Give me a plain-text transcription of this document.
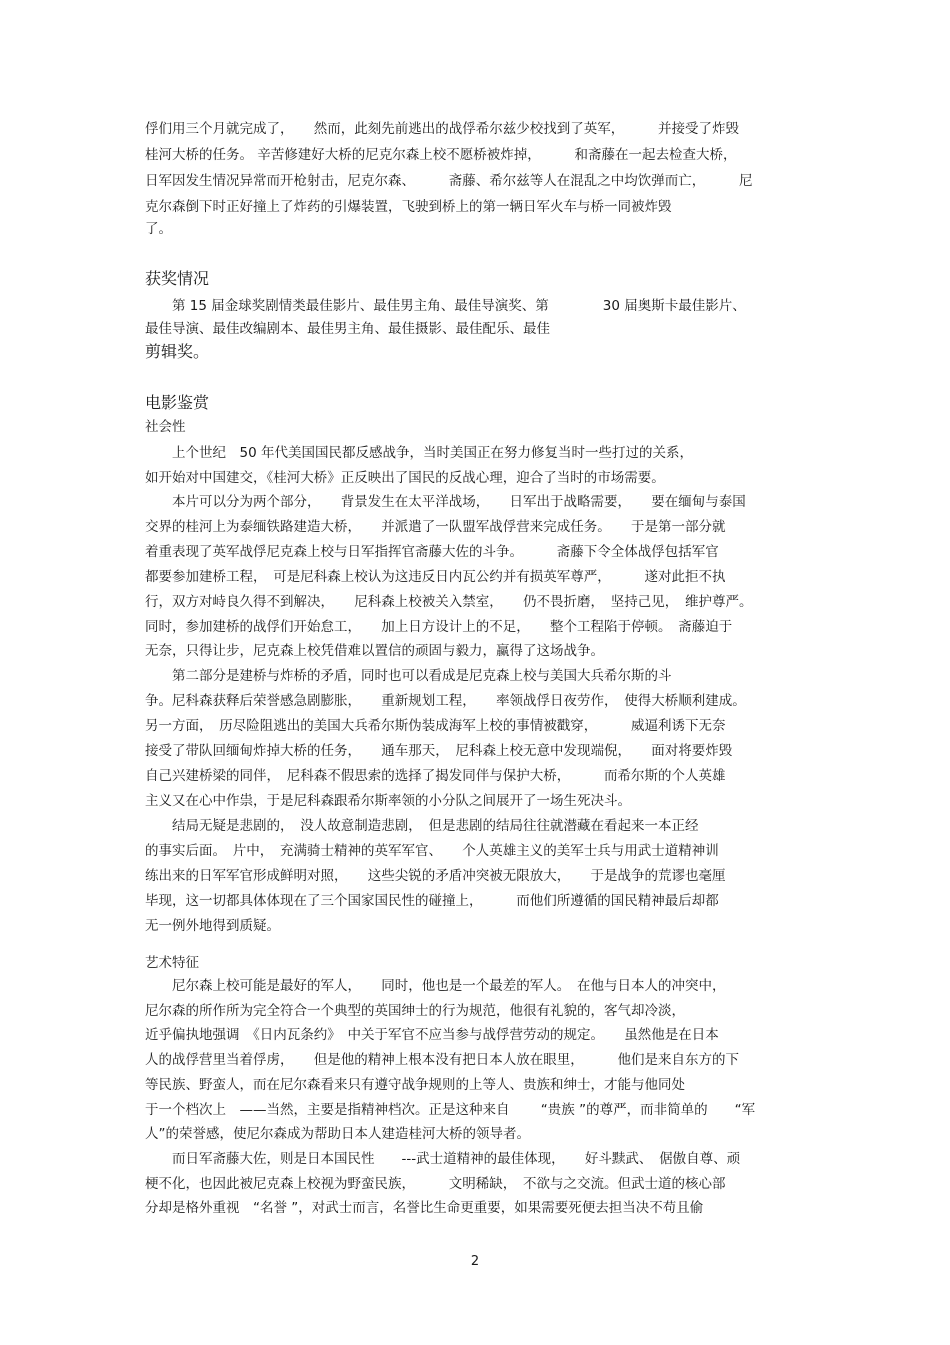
俘们用三个月就完成了，　　然而，此刻先前逃出的战俘希尔兹少校找到了英军，　　　并接受了炸毁
桂河大桥的任务。 辛苦修建好大桥的尼克尔森上校不愿桥被炸掉，　　　和斋藤在一起去检查大桥，
日军因发生情况异常而开枪射击，尼克尔森、　　　斋藤、希尔兹等人在混乱之中均饮弹而亡，　　　尼
克尔森倒下时正好撞上了炸药的引爆装置，飞驶到桥上的第一辆日军火车与桥一同被炸毁
了。
获奖情况
　　第 15 届金球奖剧情类最佳影片、最佳男主角、最佳导演奖、第　　　　30 届奥斯卡最佳影片、
最佳导演、最佳改编剧本、最佳男主角、最佳摄影、最佳配乐、最佳
剪辑奖。
电影鉴赏
社会性
　　上个世纪　50 年代美国国民都反感战争，当时美国正在努力修复当时一些打过的关系，
如开始对中国建交，《桂河大桥》正反映出了国民的反战心理，迎合了当时的市场需要。
　　本片可以分为两个部分，　　背景发生在太平洋战场，　　日军出于战略需要，　　要在缅甸与泰国
交界的桂河上为泰缅铁路建造大桥，　　并派遣了一队盟军战俘营来完成任务。　　于是第一部分就
着重表现了英军战俘尼克森上校与日军指挥官斋藤大佐的斗争。　　　斋藤下令全体战俘包括军官
都要参加建桥工程，　可是尼科森上校认为这违反日内瓦公约并有损英军尊严，　　　遂对此拒不执
行，双方对峙良久得不到解决，　　尼科森上校被关入禁室，　　仍不畏折磨，　坚持己见，　维护尊严。
同时，参加建桥的战俘们开始怠工，　　加上日方设计上的不足，　　整个工程陷于停顿。　斋藤迫于
无奈，只得让步，尼克森上校凭借难以置信的顽固与毅力，赢得了这场战争。
　　第二部分是建桥与炸桥的矛盾，同时也可以看成是尼克森上校与美国大兵希尔斯的斗
争。尼科森获释后荣誉感急剧膨胀，　　重新规划工程，　　率领战俘日夜劳作，　使得大桥顺利建成。
另一方面，　历尽险阻逃出的美国大兵希尔斯伪装成海军上校的事情被戳穿，　　　威逼利诱下无奈
接受了带队回缅甸炸掉大桥的任务，　　通车那天，　尼科森上校无意中发现端倪，　　面对将要炸毁
自己兴建桥梁的同伴，　尼科森不假思索的选择了揭发同伴与保护大桥，　　　而希尔斯的个人英雄
主义又在心中作祟，于是尼科森跟希尔斯率领的小分队之间展开了一场生死决斗。
　　结局无疑是悲剧的，　没人故意制造悲剧，　但是悲剧的结局往往就潜藏在看起来一本正经
的事实后面。　片中，　充满骑士精神的英军军官、　　个人英雄主义的美军士兵与用武士道精神训
练出来的日军军官形成鲜明对照，　　这些尖锐的矛盾冲突被无限放大，　　于是战争的荒谬也毫厘
毕现，这一切都具体体现在了三个国家国民性的碰撞上，　　　而他们所遵循的国民精神最后却都
无一例外地得到质疑。
艺术特征
　　尼尔森上校可能是最好的军人，　　同时，他也是一个最差的军人。　在他与日本人的冲突中，
尼尔森的所作所为完全符合一个典型的英国绅士的行为规范，他很有礼貌的，客气却冷淡，
近乎偏执地强调　《日内瓦条约》　中关于军官不应当参与战俘营劳动的规定。　　虽然他是在日本
人的战俘营里当着俘虏，　　但是他的精神上根本没有把日本人放在眼里，　　　他们是来自东方的下
等民族、野蛮人，而在尼尔森看来只有遵守战争规则的上等人、贵族和绅士，才能与他同处
于一个档次上　——当然，主要是指精神档次。正是这种来自　　 “贵族 ”的尊严，而非简单的　　“军
人”的荣誉感，使尼尔森成为帮助日本人建造桂河大桥的领导者。
　　而日军斋藤大佐，则是日本国民性　　---武士道精神的最佳体现，　　好斗黩武、　倨傲自尊、顽
梗不化，也因此被尼克森上校视为野蛮民族，　　　文明稀缺，　不欲与之交流。但武士道的核心部
分却是格外重视　“名誉 ”，对武士而言，名誉比生命更重要，如果需要死便去担当决不苟且偷
2
